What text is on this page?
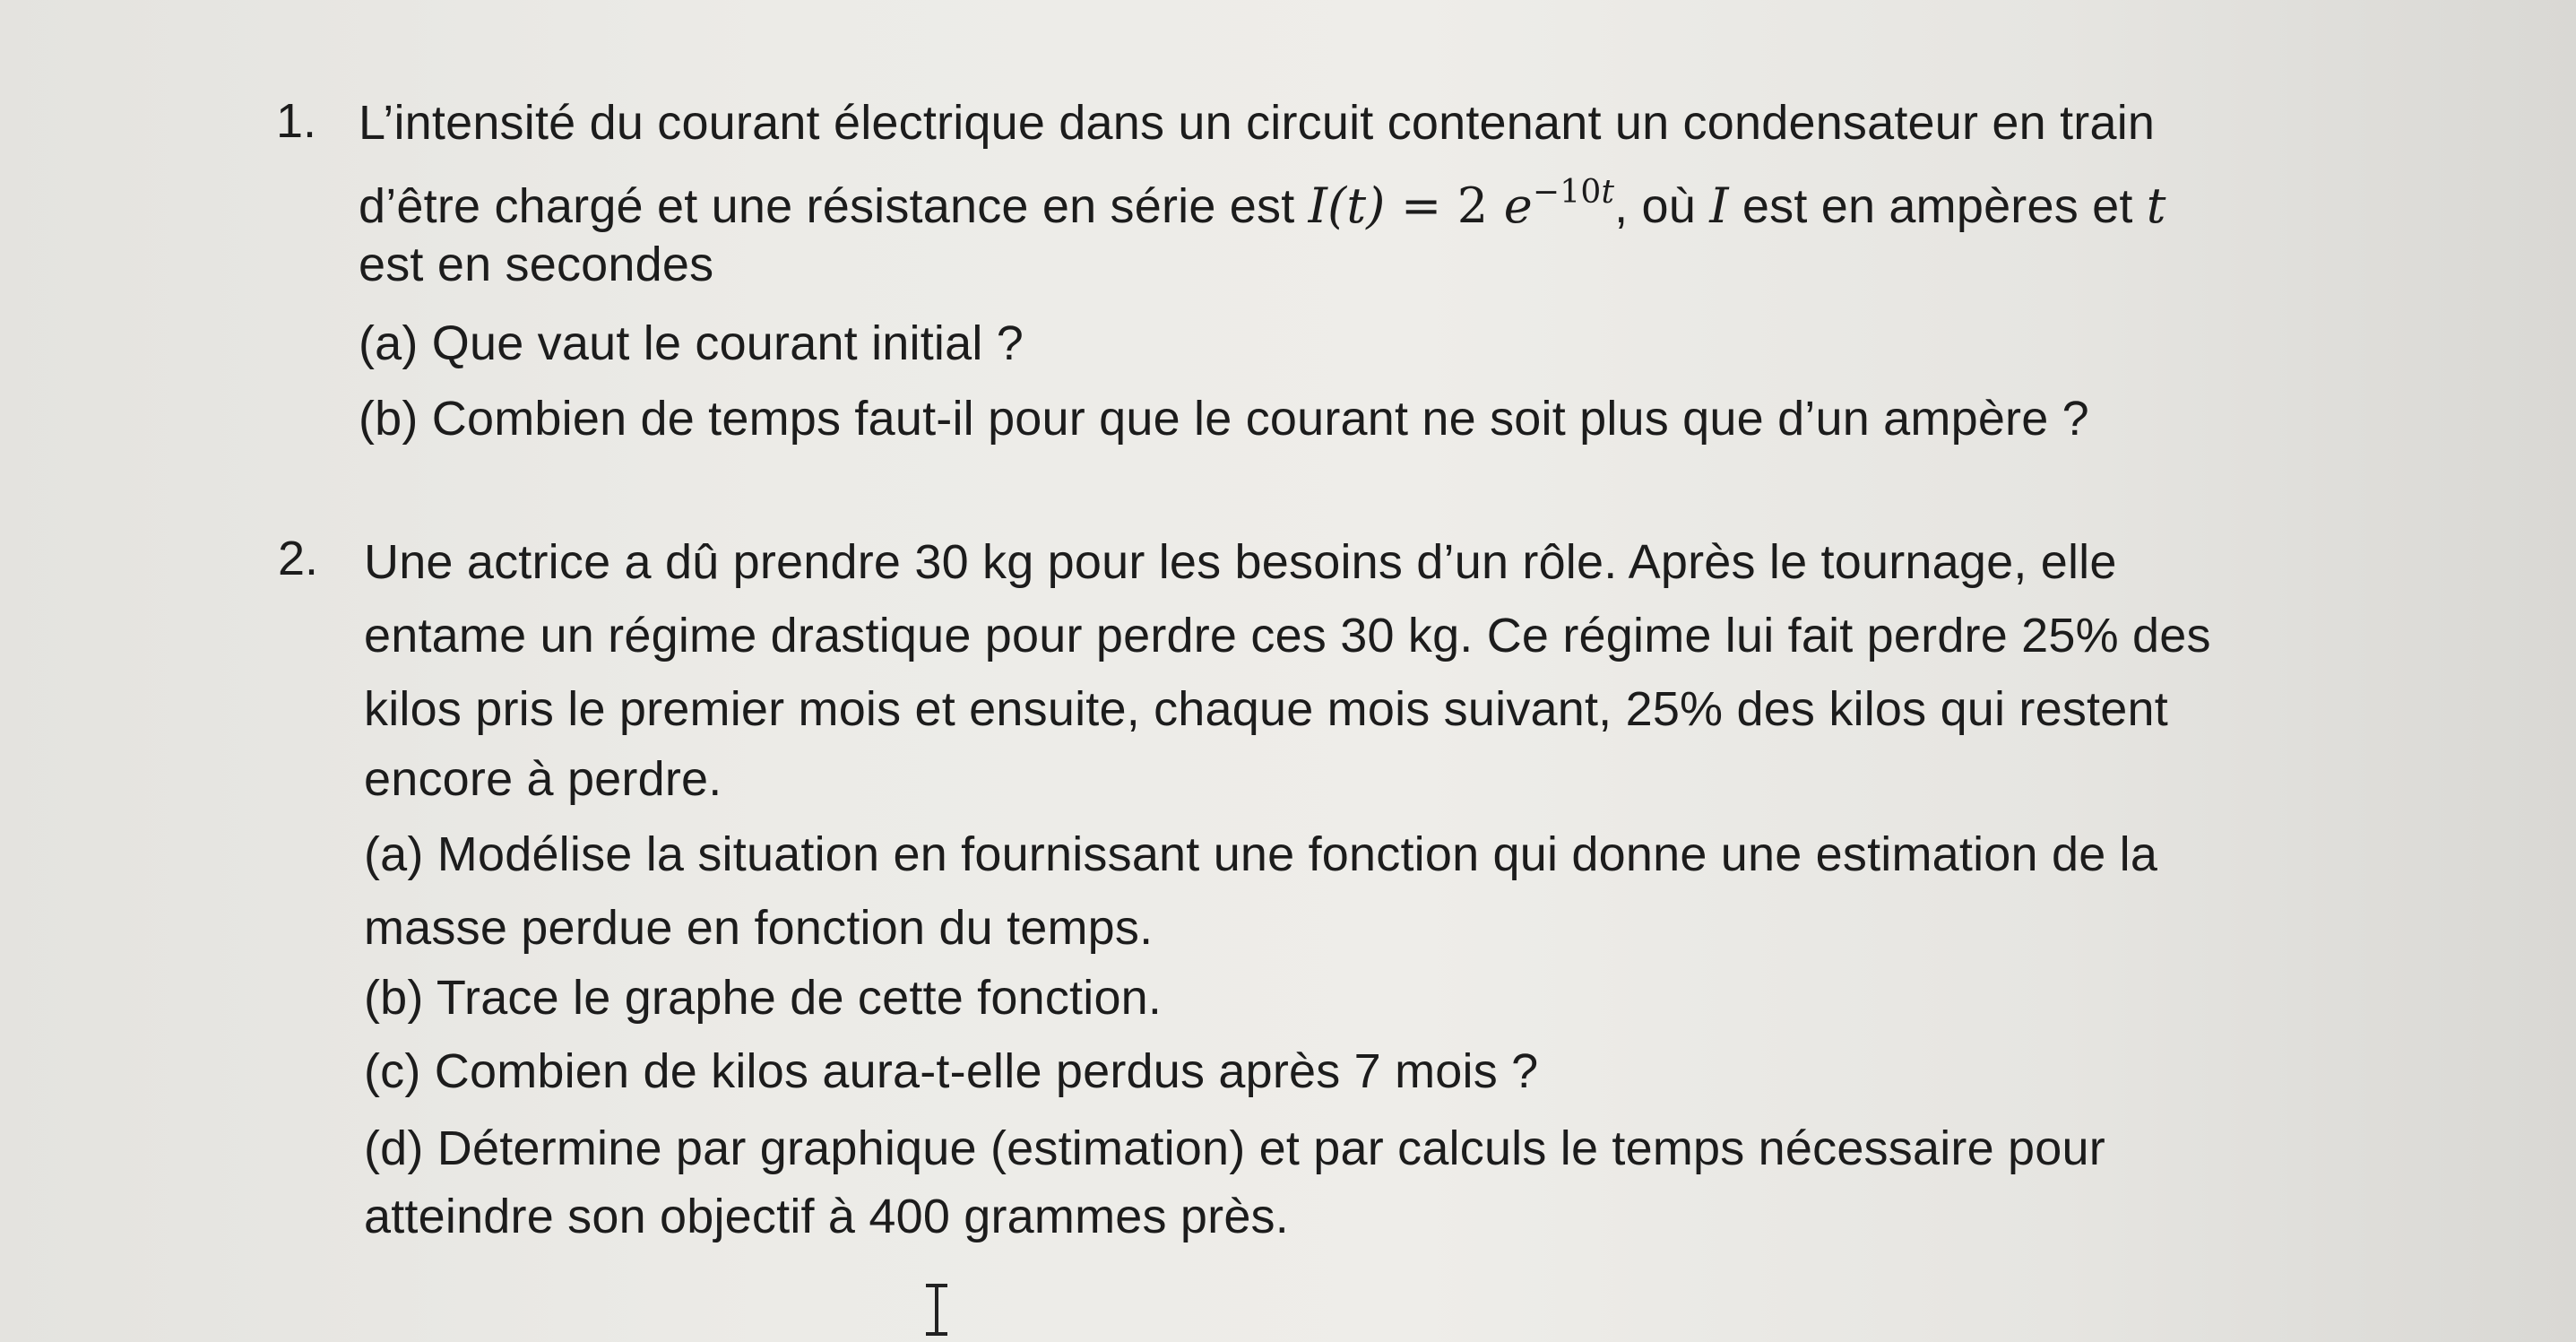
1. L’intensité du courant électrique dans un circuit contenant un condensateur en train
d’être chargé et une résistance en série est I(t) = 2 $e^{-10t}$, où I est en ampères et t
est en secondes
(a) Que vaut le courant initial ?
(b) Combien de temps faut-il pour que le courant ne soit plus que d’un ampère ?
2. Une actrice a dû prendre 30 kg pour les besoins d’un rôle. Après le tournage, elle
entame un régime drastique pour perdre ces 30 kg. Ce régime lui fait perdre 25% des
kilos pris le premier mois et ensuite, chaque mois suivant, 25% des kilos qui restent
encore à perdre.
(a) Modélise la situation en fournissant une fonction qui donne une estimation de la
masse perdue en fonction du temps.
(b) Trace le graphe de cette fonction.
(c) Combien de kilos aura-t-elle perdus après 7 mois ?
(d) Détermine par graphique (estimation) et par calculs le temps nécessaire pour
atteindre son objectif à 400 grammes près.
